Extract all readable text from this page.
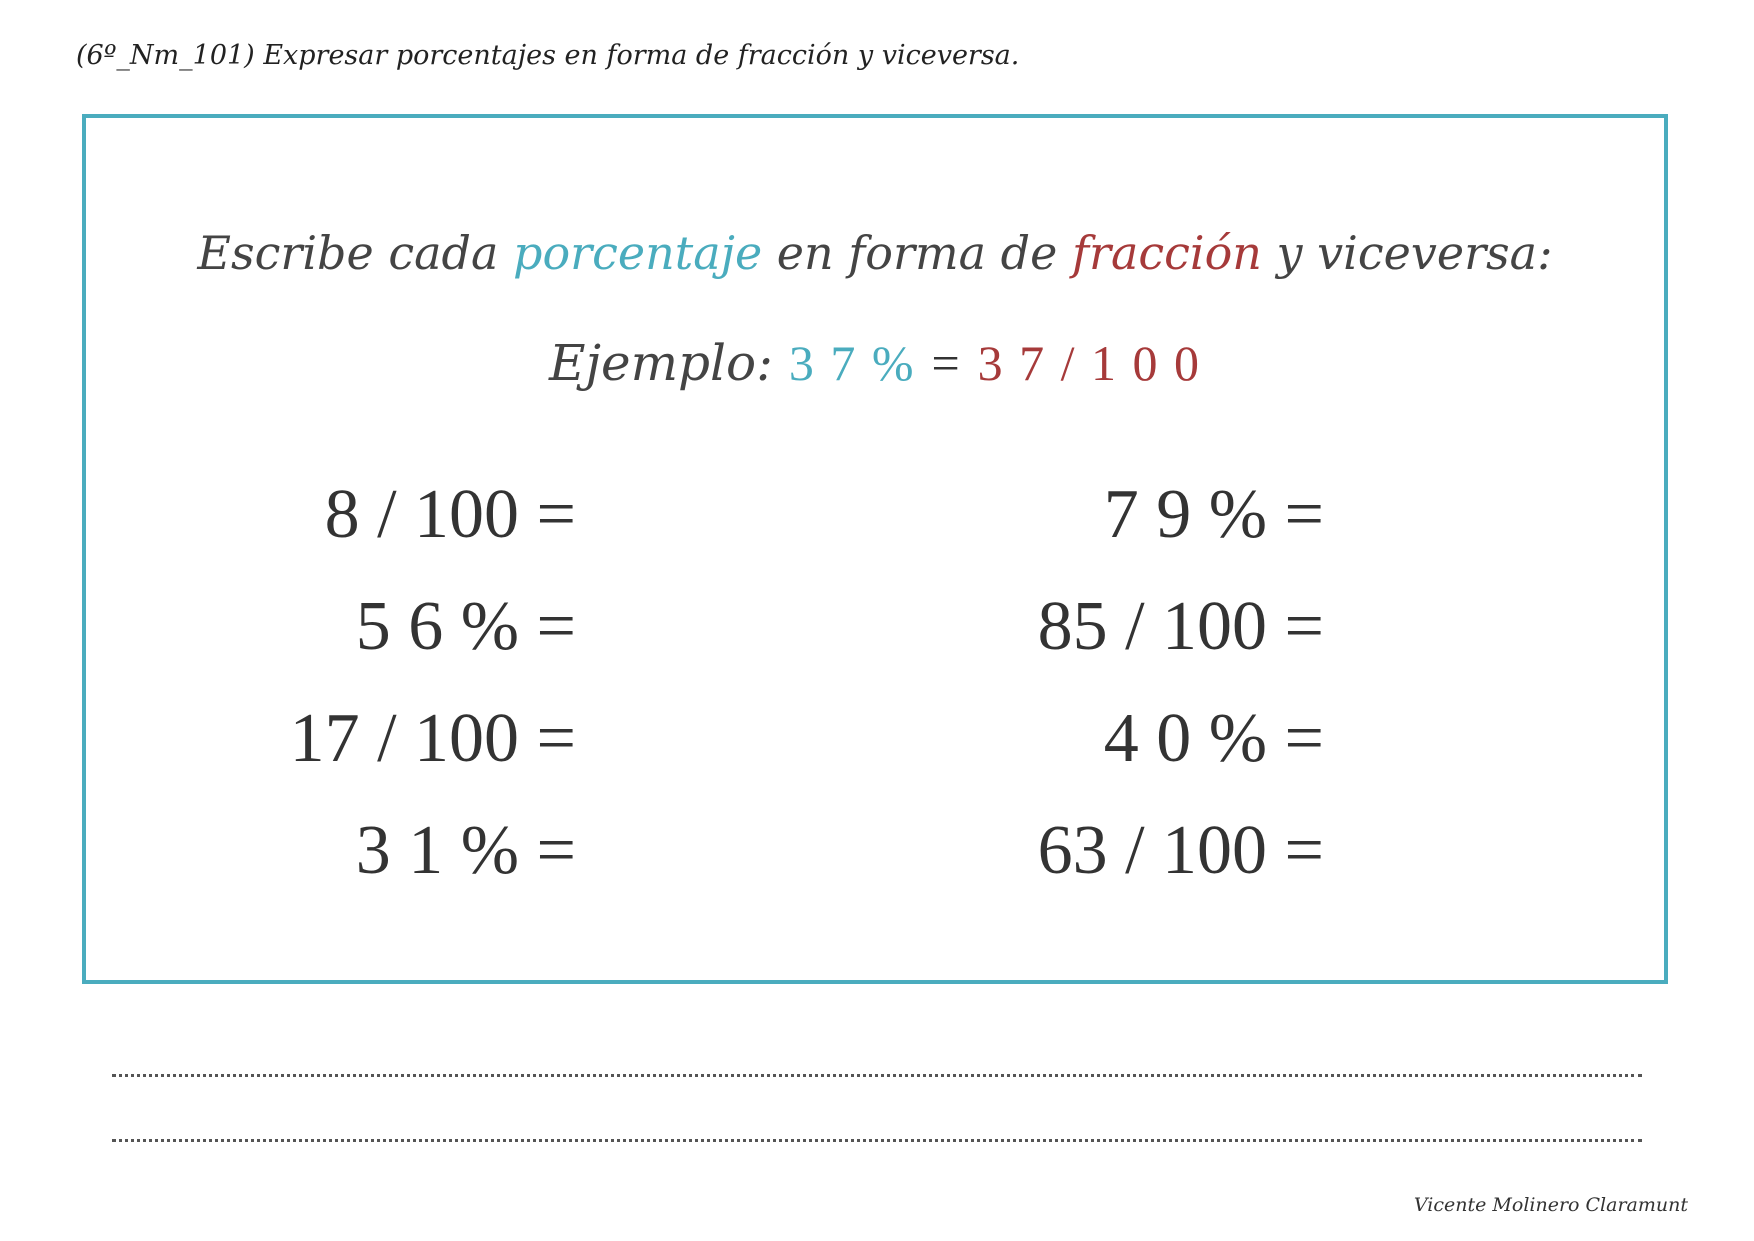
(6º_Nm_101) Expresar porcentajes en forma de fracción y viceversa.
Escribe cada porcentaje en forma de fracción y viceversa:
Ejemplo: 3 7 % = 3 7 / 1 0 0
8 / 100 =
5 6 % =
17 / 100 =
3 1 % =
7 9 % =
85 / 100 =
4 0 % =
63 / 100 =
Vicente Molinero Claramunt
